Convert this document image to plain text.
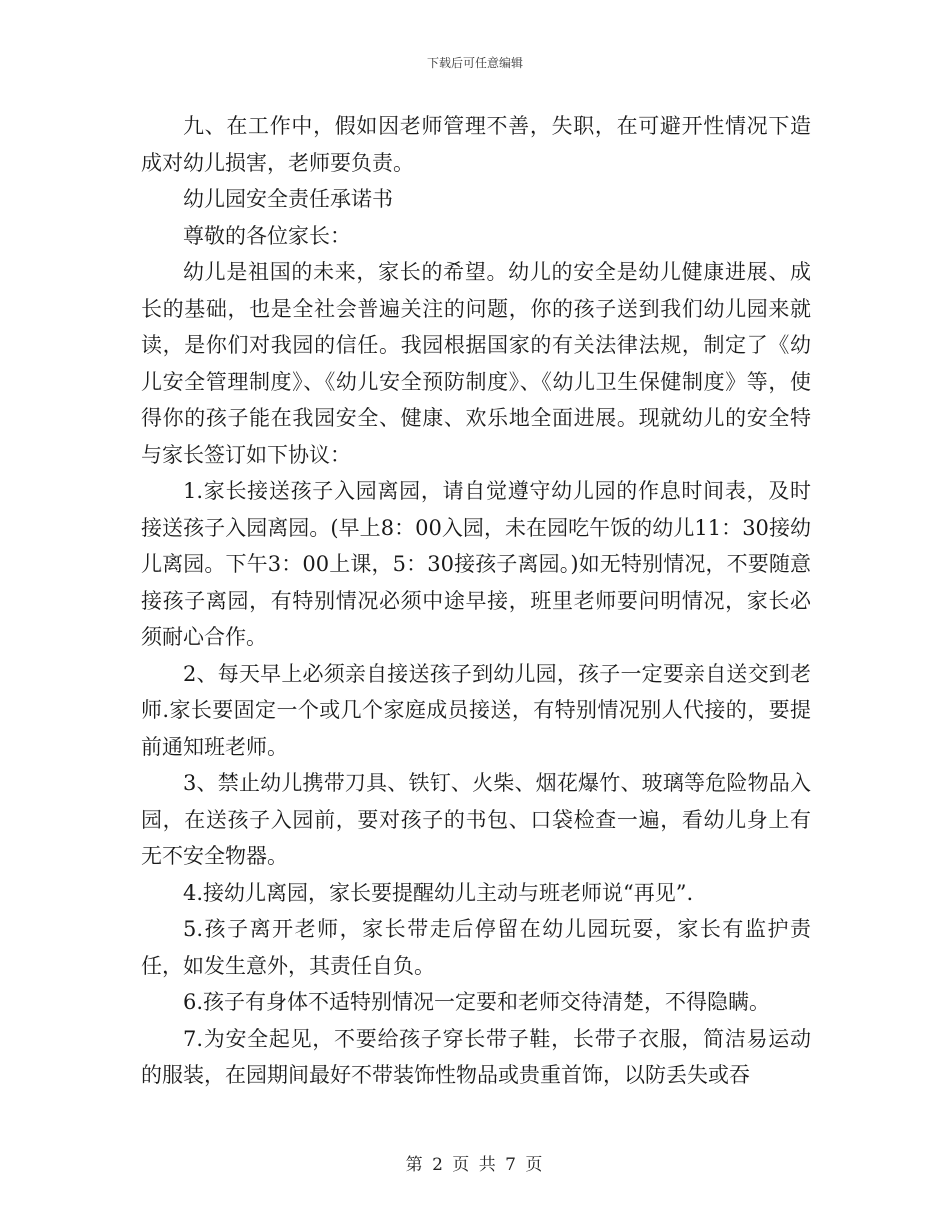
下载后可任意编辑

九、在工作中，假如因老师管理不善，失职，在可避开性情况下造成对幼儿损害，老师要负责。

幼儿园安全责任承诺书

尊敬的各位家长：

幼儿是祖国的未来，家长的希望。幼儿的安全是幼儿健康进展、成长的基础，也是全社会普遍关注的问题，你的孩子送到我们幼儿园来就读，是你们对我园的信任。我园根据国家的有关法律法规，制定了《幼儿安全管理制度》、《幼儿安全预防制度》、《幼儿卫生保健制度》等，使得你的孩子能在我园安全、健康、欢乐地全面进展。现就幼儿的安全特与家长签订如下协议：

1.家长接送孩子入园离园，请自觉遵守幼儿园的作息时间表，及时接送孩子入园离园。(早上8：00入园，未在园吃午饭的幼儿11：30接幼儿离园。下午3：00上课，5：30接孩子离园。)如无特别情况，不要随意接孩子离园，有特别情况必须中途早接，班里老师要问明情况，家长必须耐心合作。

2、每天早上必须亲自接送孩子到幼儿园，孩子一定要亲自送交到老师.家长要固定一个或几个家庭成员接送，有特别情况别人代接的，要提前通知班老师。

3、禁止幼儿携带刀具、铁钉、火柴、烟花爆竹、玻璃等危险物品入园，在送孩子入园前，要对孩子的书包、口袋检查一遍，看幼儿身上有无不安全物器。

4.接幼儿离园，家长要提醒幼儿主动与班老师说“再见”.

5.孩子离开老师，家长带走后停留在幼儿园玩耍，家长有监护责任，如发生意外，其责任自负。

6.孩子有身体不适特别情况一定要和老师交待清楚，不得隐瞒。

7.为安全起见，不要给孩子穿长带子鞋，长带子衣服，简洁易运动的服装，在园期间最好不带装饰性物品或贵重首饰，以防丢失或吞

第 2 页 共 7 页
